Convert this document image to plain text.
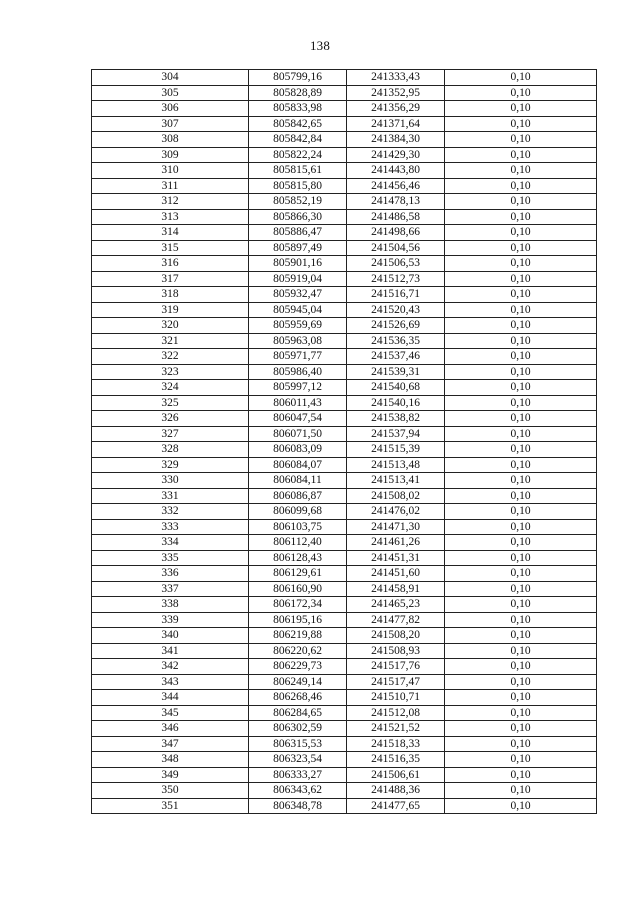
138
304	805799,16	241333,43	0,10
305	805828,89	241352,95	0,10
306	805833,98	241356,29	0,10
307	805842,65	241371,64	0,10
308	805842,84	241384,30	0,10
309	805822,24	241429,30	0,10
310	805815,61	241443,80	0,10
311	805815,80	241456,46	0,10
312	805852,19	241478,13	0,10
313	805866,30	241486,58	0,10
314	805886,47	241498,66	0,10
315	805897,49	241504,56	0,10
316	805901,16	241506,53	0,10
317	805919,04	241512,73	0,10
318	805932,47	241516,71	0,10
319	805945,04	241520,43	0,10
320	805959,69	241526,69	0,10
321	805963,08	241536,35	0,10
322	805971,77	241537,46	0,10
323	805986,40	241539,31	0,10
324	805997,12	241540,68	0,10
325	806011,43	241540,16	0,10
326	806047,54	241538,82	0,10
327	806071,50	241537,94	0,10
328	806083,09	241515,39	0,10
329	806084,07	241513,48	0,10
330	806084,11	241513,41	0,10
331	806086,87	241508,02	0,10
332	806099,68	241476,02	0,10
333	806103,75	241471,30	0,10
334	806112,40	241461,26	0,10
335	806128,43	241451,31	0,10
336	806129,61	241451,60	0,10
337	806160,90	241458,91	0,10
338	806172,34	241465,23	0,10
339	806195,16	241477,82	0,10
340	806219,88	241508,20	0,10
341	806220,62	241508,93	0,10
342	806229,73	241517,76	0,10
343	806249,14	241517,47	0,10
344	806268,46	241510,71	0,10
345	806284,65	241512,08	0,10
346	806302,59	241521,52	0,10
347	806315,53	241518,33	0,10
348	806323,54	241516,35	0,10
349	806333,27	241506,61	0,10
350	806343,62	241488,36	0,10
351	806348,78	241477,65	0,10
